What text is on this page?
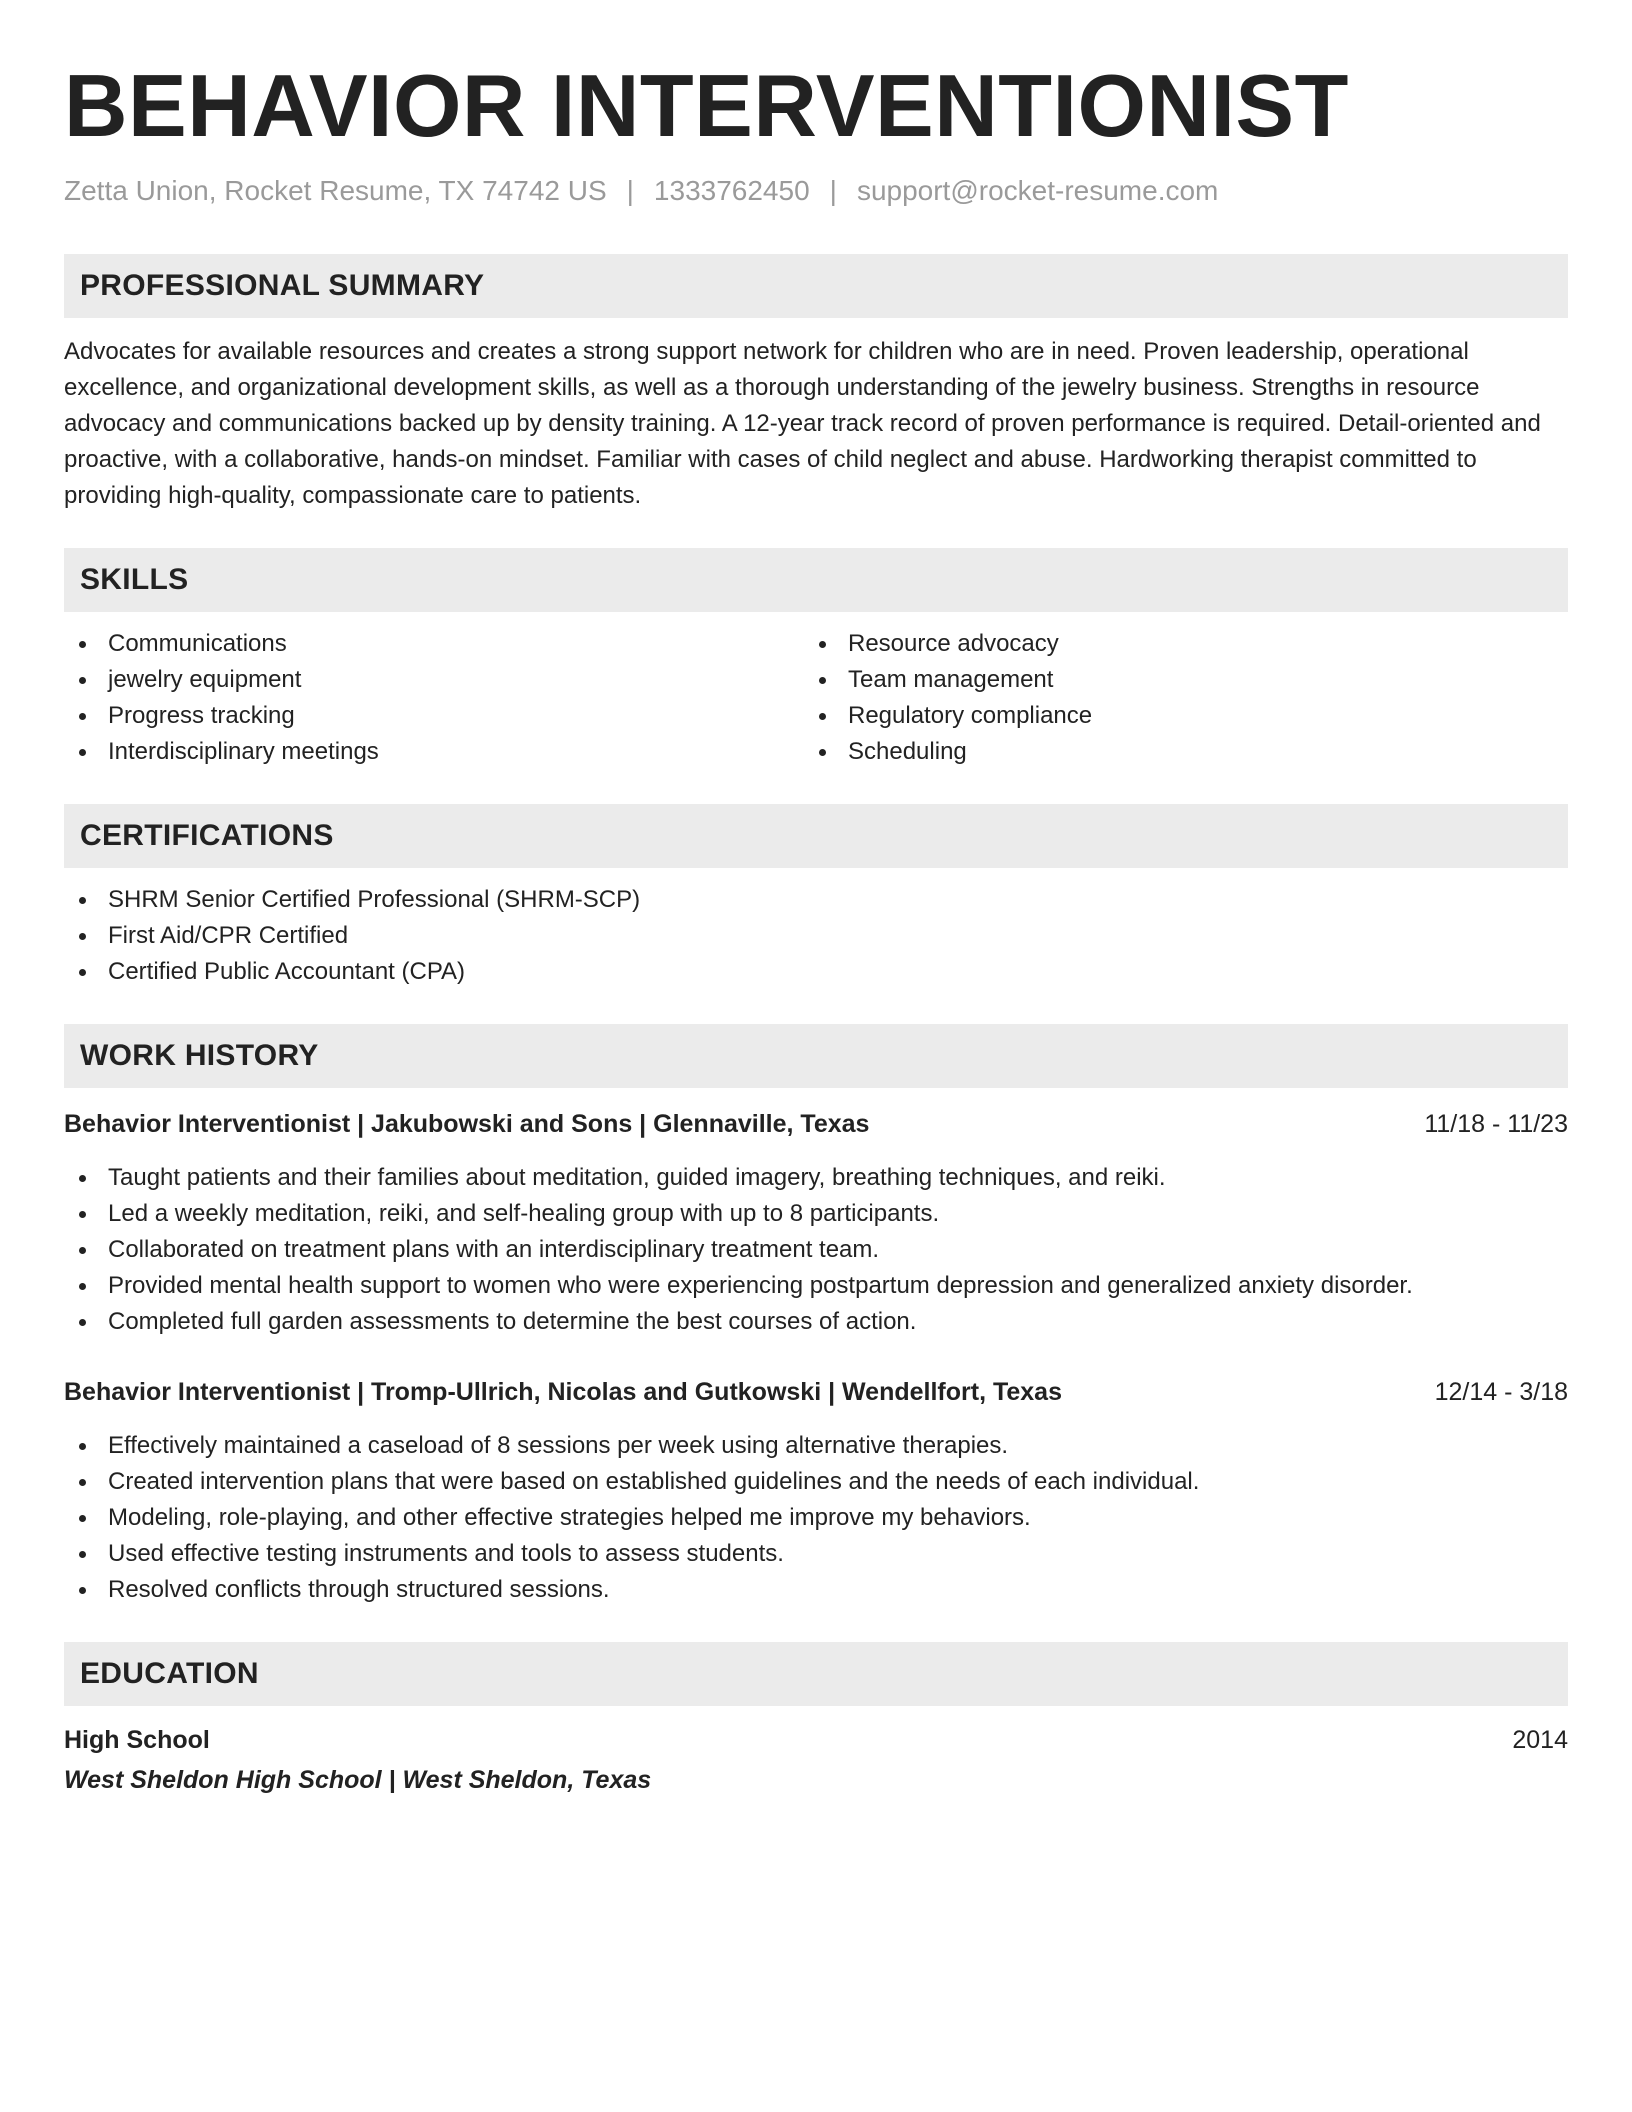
BEHAVIOR INTERVENTIONIST
Zetta Union, Rocket Resume, TX 74742 US | 1333762450 | support@rocket-resume.com
PROFESSIONAL SUMMARY

Advocates for available resources and creates a strong support network for children who are in need. Proven leadership, operational excellence, and organizational development skills, as well as a thorough understanding of the jewelry business. Strengths in resource advocacy and communications backed up by density training. A 12-year track record of proven performance is required. Detail-oriented and proactive, with a collaborative, hands-on mindset. Familiar with cases of child neglect and abuse. Hardworking therapist committed to providing high-quality, compassionate care to patients.

SKILLS
Communications
jewelry equipment
Progress tracking
Interdisciplinary meetings
Resource advocacy
Team management
Regulatory compliance
Scheduling
CERTIFICATIONS
SHRM Senior Certified Professional (SHRM-SCP)
First Aid/CPR Certified
Certified Public Accountant (CPA)
WORK HISTORY
Behavior Interventionist | Jakubowski and Sons | Glennaville, Texas	11/18 - 11/23
Taught patients and their families about meditation, guided imagery, breathing techniques, and reiki.
Led a weekly meditation, reiki, and self-healing group with up to 8 participants.
Collaborated on treatment plans with an interdisciplinary treatment team.
Provided mental health support to women who were experiencing postpartum depression and generalized anxiety disorder.
Completed full garden assessments to determine the best courses of action.
Behavior Interventionist | Tromp-Ullrich, Nicolas and Gutkowski | Wendellfort, Texas	12/14 - 3/18
Effectively maintained a caseload of 8 sessions per week using alternative therapies.
Created intervention plans that were based on established guidelines and the needs of each individual.
Modeling, role-playing, and other effective strategies helped me improve my behaviors.
Used effective testing instruments and tools to assess students.
Resolved conflicts through structured sessions.
EDUCATION
High School	2014
West Sheldon High School | West Sheldon, Texas
